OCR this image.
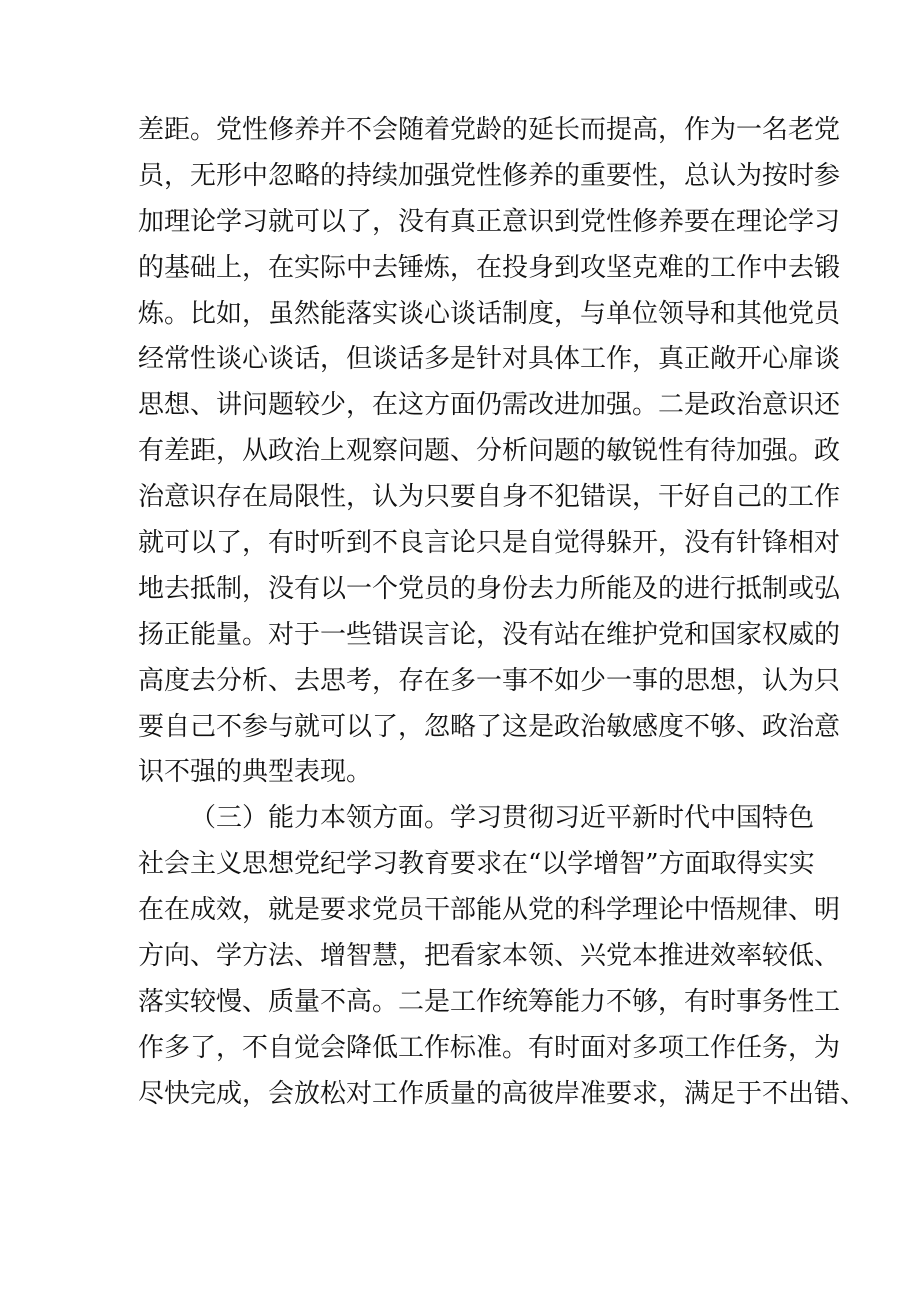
差距。党性修养并不会随着党龄的延长而提高，作为一名老党
员，无形中忽略的持续加强党性修养的重要性，总认为按时参
加理论学习就可以了，没有真正意识到党性修养要在理论学习
的基础上，在实际中去锤炼，在投身到攻坚克难的工作中去锻
炼。比如，虽然能落实谈心谈话制度，与单位领导和其他党员
经常性谈心谈话，但谈话多是针对具体工作，真正敞开心扉谈
思想、讲问题较少，在这方面仍需改进加强。二是政治意识还
有差距，从政治上观察问题、分析问题的敏锐性有待加强。政
治意识存在局限性，认为只要自身不犯错误，干好自己的工作
就可以了，有时听到不良言论只是自觉得躲开，没有针锋相对
地去抵制，没有以一个党员的身份去力所能及的进行抵制或弘
扬正能量。对于一些错误言论，没有站在维护党和国家权威的
高度去分析、去思考，存在多一事不如少一事的思想，认为只
要自己不参与就可以了，忽略了这是政治敏感度不够、政治意
识不强的典型表现。
（三）能力本领方面。学习贯彻习近平新时代中国特色
社会主义思想党纪学习教育要求在“以学增智”方面取得实实
在在成效，就是要求党员干部能从党的科学理论中悟规律、明
方向、学方法、增智慧，把看家本领、兴党本推进效率较低、
落实较慢、质量不高。二是工作统筹能力不够，有时事务性工
作多了，不自觉会降低工作标准。有时面对多项工作任务，为
尽快完成，会放松对工作质量的高彼岸准要求，满足于不出错、
